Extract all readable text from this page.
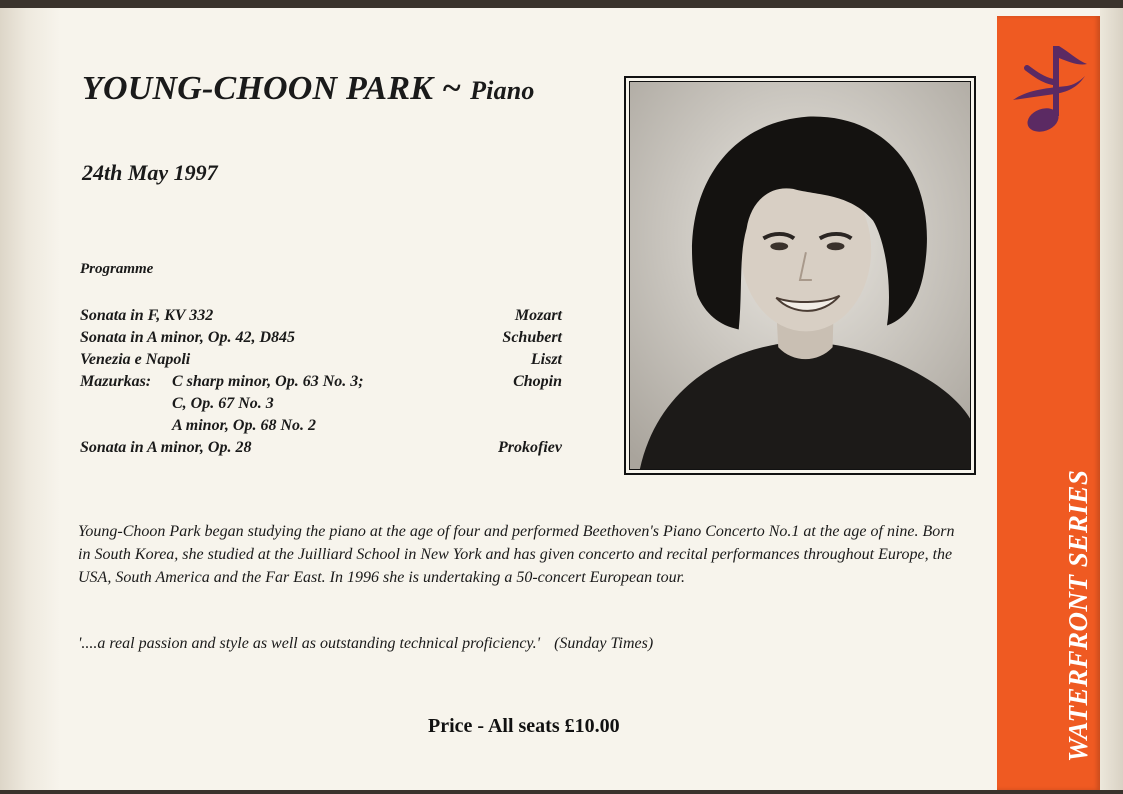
YOUNG-CHOON PARK ~ Piano
24th May 1997
Programme
Sonata in F, KV 332	Mozart
Sonata in A minor, Op. 42, D845	Schubert
Venezia e Napoli	Liszt
Mazurkas: C sharp minor, Op. 63 No. 3;	Chopin
C, Op. 67 No. 3
A minor, Op. 68 No. 2
Sonata in A minor, Op. 28	Prokofiev
Young-Choon Park began studying the piano at the age of four and performed Beethoven's Piano Concerto No.1 at the age of nine. Born in South Korea, she studied at the Juilliard School in New York and has given concerto and recital performances throughout Europe, the USA, South America and the Far East. In 1996 she is undertaking a 50-concert European tour.
'....a real passion and style as well as outstanding technical proficiency.' (Sunday Times)
Price - All seats £10.00	WATERFRONT SERIES
